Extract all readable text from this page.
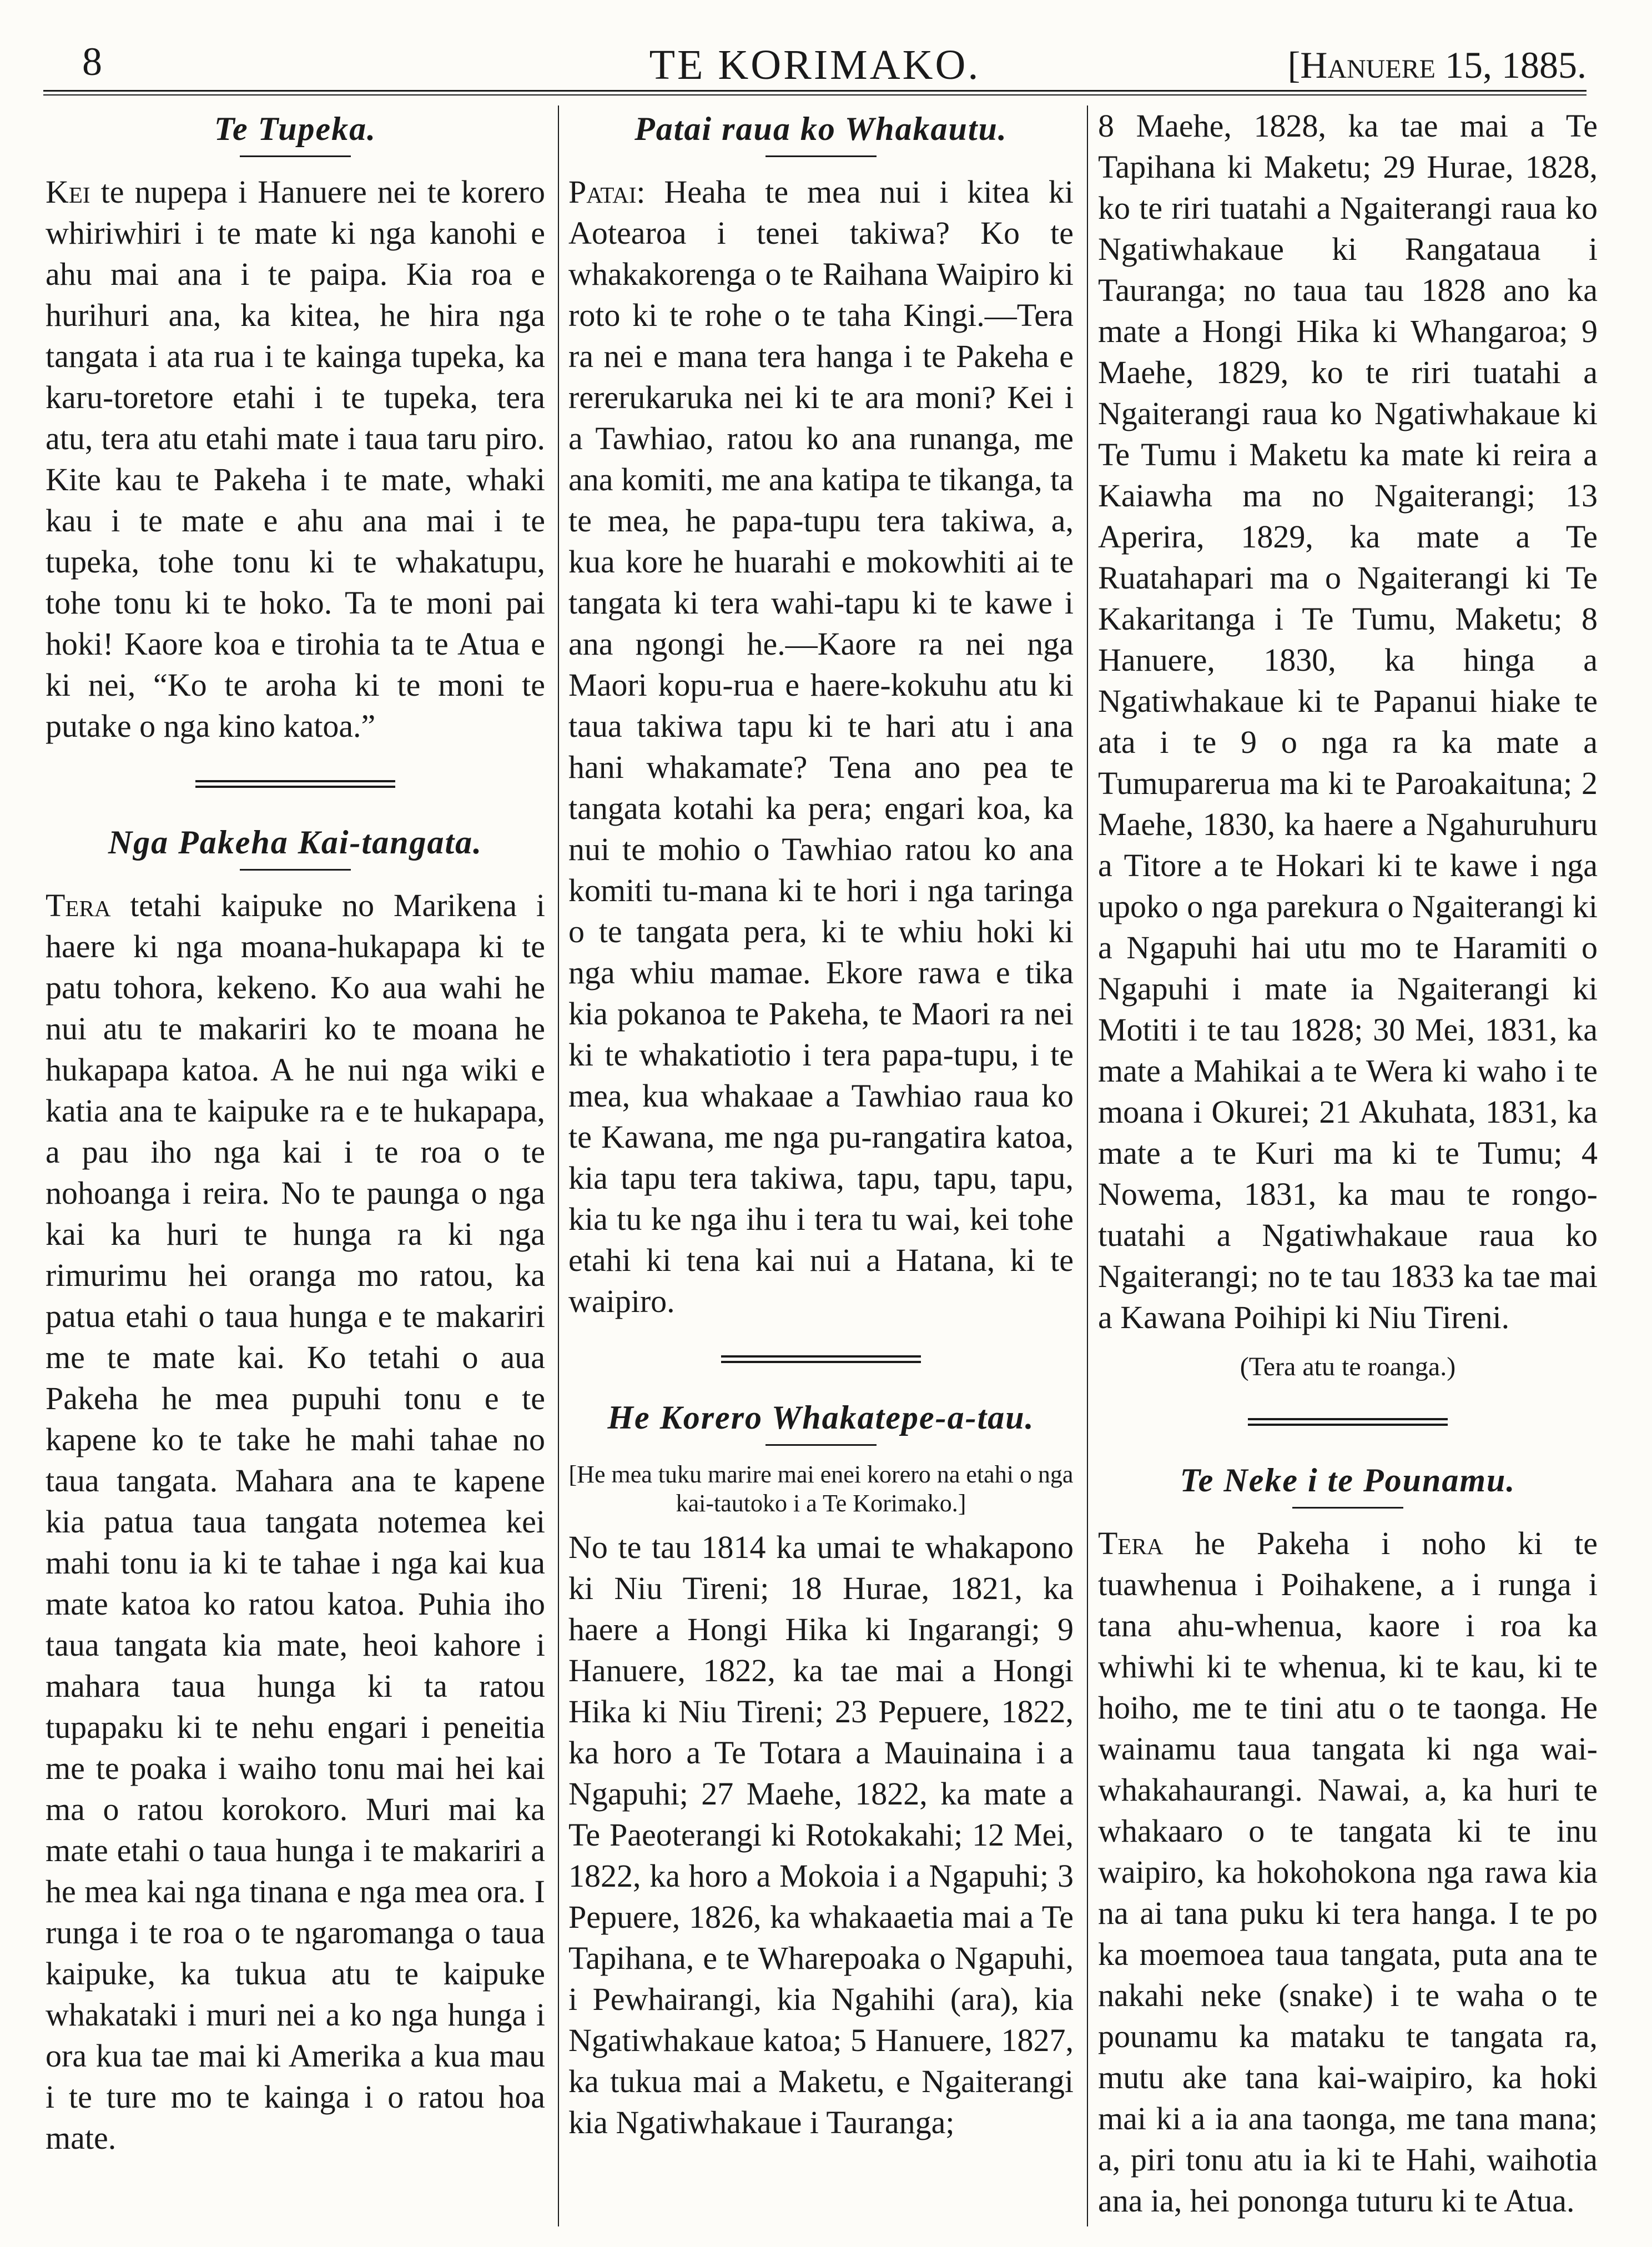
8	TE KORIMAKO.	[Hanuere 15, 1885.
Te Tupeka.

Kei te nupepa i Hanuere nei te korero whiriwhiri i te mate ki nga kanohi e ahu mai ana i te paipa. Kia roa e hurihuri ana, ka kitea, he hira nga tangata i ata rua i te kainga tupeka, ka karu-toretore etahi i te tupeka, tera atu, tera atu etahi mate i taua taru piro. Kite kau te Pakeha i te mate, whaki kau i te mate e ahu ana mai i te tupeka, tohe tonu ki te whakatupu, tohe tonu ki te hoko. Ta te moni pai hoki! Kaore koa e tirohia ta te Atua e ki nei, “Ko te aroha ki te moni te putake o nga kino katoa.”

Nga Pakeha Kai-tangata.

Tera tetahi kaipuke no Marikena i haere ki nga moana-hukapapa ki te patu tohora, kekeno. Ko aua wahi he nui atu te makariri ko te moana he hukapapa katoa. A he nui nga wiki e katia ana te kaipuke ra e te hukapapa, a pau iho nga kai i te roa o te nohoanga i reira. No te paunga o nga kai ka huri te hunga ra ki nga rimurimu hei oranga mo ratou, ka patua etahi o taua hunga e te makariri me te mate kai. Ko tetahi o aua Pakeha he mea pupuhi tonu e te kapene ko te take he mahi tahae no taua tangata. Mahara ana te kapene kia patua taua tangata notemea kei mahi tonu ia ki te tahae i nga kai kua mate katoa ko ratou katoa. Puhia iho taua tangata kia mate, heoi kahore i mahara taua hunga ki ta ratou tupapaku ki te nehu engari i peneitia me te poaka i waiho tonu mai hei kai ma o ratou korokoro. Muri mai ka mate etahi o taua hunga i te makariri a he mea kai nga tinana e nga mea ora. I runga i te roa o te ngaromanga o taua kaipuke, ka tukua atu te kaipuke whakataki i muri nei a ko nga hunga i ora kua tae mai ki Amerika a kua mau i te ture mo te kainga i o ratou hoa mate.

Patai raua ko Whakautu.

Patai: Heaha te mea nui i kitea ki Aotearoa i tenei takiwa? Ko te whakakorenga o te Raihana Waipiro ki roto ki te rohe o te taha Kingi.—Tera ra nei e mana tera hanga i te Pakeha e rererukaruka nei ki te ara moni? Kei i a Tawhiao, ratou ko ana runanga, me ana komiti, me ana katipa te tikanga, ta te mea, he papa-tupu tera takiwa, a, kua kore he huarahi e mokowhiti ai te tangata ki tera wahi-tapu ki te kawe i ana ngongi he.—Kaore ra nei nga Maori kopu-rua e haere-kokuhu atu ki taua takiwa tapu ki te hari atu i ana hani whakamate? Tena ano pea te tangata kotahi ka pera; engari koa, ka nui te mohio o Tawhiao ratou ko ana komiti tu-mana ki te hori i nga taringa o te tangata pera, ki te whiu hoki ki nga whiu mamae. Ekore rawa e tika kia pokanoa te Pakeha, te Maori ra nei ki te whakatiotio i tera papa-tupu, i te mea, kua whakaae a Tawhiao raua ko te Kawana, me nga pu-rangatira katoa, kia tapu tera takiwa, tapu, tapu, tapu, kia tu ke nga ihu i tera tu wai, kei tohe etahi ki tena kai nui a Hatana, ki te waipiro.

He Korero Whakatepe-a-tau.

[He mea tuku marire mai enei korero na etahi o nga kai-tautoko i a Te Korimako.]

No te tau 1814 ka umai te whakapono ki Niu Tireni; 18 Hurae, 1821, ka haere a Hongi Hika ki Ingarangi; 9 Hanuere, 1822, ka tae mai a Hongi Hika ki Niu Tireni; 23 Pepuere, 1822, ka horo a Te Totara a Mauinaina i a Ngapuhi; 27 Maehe, 1822, ka mate a Te Paeoterangi ki Rotokakahi; 12 Mei, 1822, ka horo a Mokoia i a Ngapuhi; 3 Pepuere, 1826, ka whakaaetia mai a Te Tapihana, e te Wharepoaka o Ngapuhi, i Pewhairangi, kia Ngahihi (ara), kia Ngatiwhakaue katoa; 5 Hanuere, 1827, ka tukua mai a Maketu, e Ngaiterangi kia Ngatiwhakaue i Tauranga;

8 Maehe, 1828, ka tae mai a Te Tapihana ki Maketu; 29 Hurae, 1828, ko te riri tuatahi a Ngaiterangi raua ko Ngatiwhakaue ki Rangataua i Tauranga; no taua tau 1828 ano ka mate a Hongi Hika ki Whangaroa; 9 Maehe, 1829, ko te riri tuatahi a Ngaiterangi raua ko Ngatiwhakaue ki Te Tumu i Maketu ka mate ki reira a Kaiawha ma no Ngaiterangi; 13 Aperira, 1829, ka mate a Te Ruatahapari ma o Ngaiterangi ki Te Kakaritanga i Te Tumu, Maketu; 8 Hanuere, 1830, ka hinga a Ngatiwhakaue ki te Papanui hiake te ata i te 9 o nga ra ka mate a Tumuparerua ma ki te Paroakaituna; 2 Maehe, 1830, ka haere a Ngahuruhuru a Titore a te Hokari ki te kawe i nga upoko o nga parekura o Ngaiterangi ki a Ngapuhi hai utu mo te Haramiti o Ngapuhi i mate ia Ngaiterangi ki Motiti i te tau 1828; 30 Mei, 1831, ka mate a Mahikai a te Wera ki waho i te moana i Okurei; 21 Akuhata, 1831, ka mate a te Kuri ma ki te Tumu; 4 Nowema, 1831, ka mau te rongo-tuatahi a Ngatiwhakaue raua ko Ngaiterangi; no te tau 1833 ka tae mai a Kawana Poihipi ki Niu Tireni.

(Tera atu te roanga.)

Te Neke i te Pounamu.

Tera he Pakeha i noho ki te tuawhenua i Poihakene, a i runga i tana ahu-whenua, kaore i roa ka whiwhi ki te whenua, ki te kau, ki te hoiho, me te tini atu o te taonga. He wainamu taua tangata ki nga wai-whakahaurangi. Nawai, a, ka huri te whakaaro o te tangata ki te inu waipiro, ka hokohokona nga rawa kia na ai tana puku ki tera hanga. I te po ka moemoea taua tangata, puta ana te nakahi neke (snake) i te waha o te pounamu ka mataku te tangata ra, mutu ake tana kai-waipiro, ka hoki mai ki a ia ana taonga, me tana mana; a, piri tonu atu ia ki te Hahi, waihotia ana ia, hei pononga tuturu ki te Atua.
